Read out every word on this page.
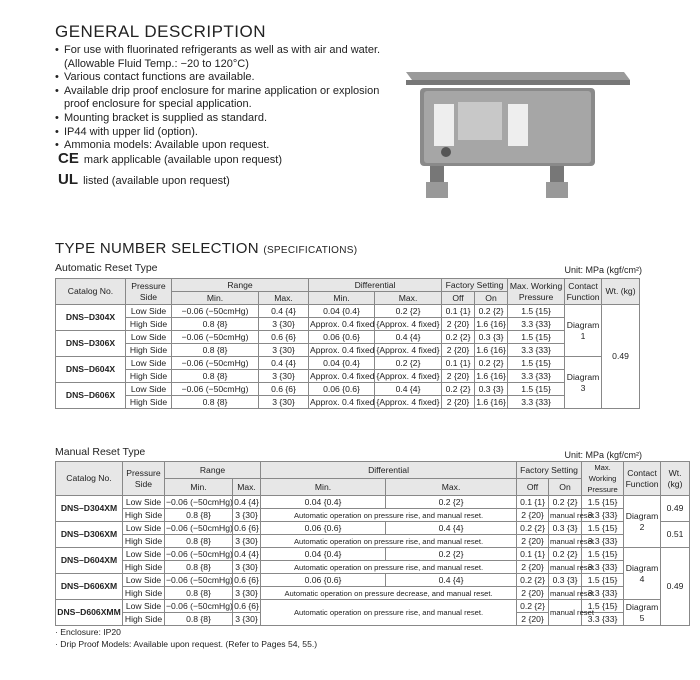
GENERAL DESCRIPTION
• For use with fluorinated refrigerants as well as with air and water. (Allowable Fluid Temp.: −20 to 120°C)
• Various contact functions are available.
• Available drip proof enclosure for marine application or explosion proof enclosure for special application.
• Mounting bracket is supplied as standard.
• IP44 with upper lid (option).
• Ammonia models: Available upon request.
CE mark applicable (available upon request)
UL listed (available upon request)
TYPE NUMBER SELECTION (SPECIFICATIONS)
Automatic Reset Type	Unit: MPa (kgf/cm²)
Catalog No.	Pressure Side	Range		Differential		Factory Setting		Max. Working Pressure	Contact Function	Wt. (kg)
		Min.	Max.	Min.	Max.	Off	On			
DNS–D304X	Low Side	−0.06 (−50cmHg)	0.4 {4}	0.04 {0.4}	0.2 {2}	0.1 {1}	0.2 {2}	1.5 {15}	Diagram 1	0.49
	High Side	0.8 {8}	3 {30}	Approx. 0.4 fixed	{Approx. 4 fixed}	2 {20}	1.6 {16}	3.3 {33}		
DNS–D306X	Low Side	−0.06 (−50cmHg)	0.6 {6}	0.06 {0.6}	0.4 {4}	0.2 {2}	0.3 {3}	1.5 {15}		
	High Side	0.8 {8}	3 {30}	Approx. 0.4 fixed	{Approx. 4 fixed}	2 {20}	1.6 {16}	3.3 {33}		
DNS–D604X	Low Side	−0.06 (−50cmHg)	0.4 {4}	0.04 {0.4}	0.2 {2}	0.1 {1}	0.2 {2}	1.5 {15}	Diagram 3	
	High Side	0.8 {8}	3 {30}	Approx. 0.4 fixed	{Approx. 4 fixed}	2 {20}	1.6 {16}	3.3 {33}		
DNS–D606X	Low Side	−0.06 (−50cmHg)	0.6 {6}	0.06 {0.6}	0.4 {4}	0.2 {2}	0.3 {3}	1.5 {15}		
	High Side	0.8 {8}	3 {30}	Approx. 0.4 fixed	{Approx. 4 fixed}	2 {20}	1.6 {16}	3.3 {33}		
Manual Reset Type	Unit: MPa (kgf/cm²)
Catalog No.	Pressure Side	Range		Differential		Factory Setting		Max. Working Pressure	Contact Function	Wt. (kg)
		Min.	Max.	Min.	Max.	Off	On			
DNS–D304XM	Low Side	−0.06 (−50cmHg)	0.4 {4}	0.04 {0.4}	0.2 {2}	0.1 {1}	0.2 {2}	1.5 {15}	Diagram 2	0.49
	High Side	0.8 {8}	3 {30}	Automatic operation on pressure rise, and manual reset.		2 {20}	manual reset	3.3 {33}		
DNS–D306XM	Low Side	−0.06 (−50cmHg)	0.6 {6}	0.06 {0.6}	0.4 {4}	0.2 {2}	0.3 {3}	1.5 {15}		0.51
	High Side	0.8 {8}	3 {30}	Automatic operation on pressure rise, and manual reset.		2 {20}	manual reset	3.3 {33}		
DNS–D604XM	Low Side	−0.06 (−50cmHg)	0.4 {4}	0.04 {0.4}	0.2 {2}	0.1 {1}	0.2 {2}	1.5 {15}	Diagram 4	0.49
	High Side	0.8 {8}	3 {30}	Automatic operation on pressure rise, and manual reset.		2 {20}	manual reset	3.3 {33}		
DNS–D606XM	Low Side	−0.06 (−50cmHg)	0.6 {6}	0.06 {0.6}	0.4 {4}	0.2 {2}	0.3 {3}	1.5 {15}		
	High Side	0.8 {8}	3 {30}	Automatic operation on pressure decrease, and manual reset.		2 {20}	manual reset	3.3 {33}		
DNS–D606XMM	Low Side	−0.06 (−50cmHg)	0.6 {6}	Automatic operation on pressure rise, and manual reset.		0.2 {2}	manual reset	1.5 {15}	Diagram 5	
	High Side	0.8 {8}	3 {30}			2 {20}		3.3 {33}		
· Enclosure: IP20
· Drip Proof Models: Available upon request. (Refer to Pages 54, 55.)
